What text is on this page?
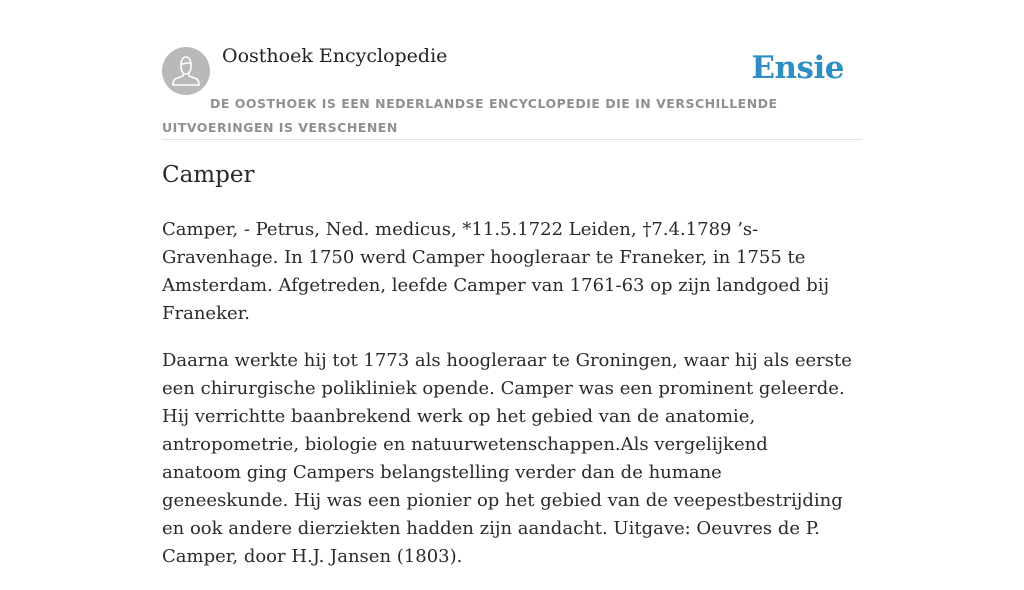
Oosthoek Encyclopedie	Ensie
DE OOSTHOEK IS EEN NEDERLANDSE ENCYCLOPEDIE DIE IN VERSCHILLENDE UITVOERINGEN IS VERSCHENEN
Camper

Camper, - Petrus, Ned. medicus, *11.5.1722 Leiden, †7.4.1789 ’s-Gravenhage. In 1750 werd Camper hoogleraar te Franeker, in 1755 te Amsterdam. Afgetreden, leefde Camper van 1761-63 op zijn landgoed bij Franeker.

Daarna werkte hij tot 1773 als hoogleraar te Groningen, waar hij als eerste een chirurgische polikliniek opende. Camper was een prominent geleerde. Hij verrichtte baanbrekend werk op het gebied van de anatomie, antropometrie, biologie en natuurwetenschappen.Als vergelijkend anatoom ging Campers belangstelling verder dan de humane geneeskunde. Hij was een pionier op het gebied van de veepestbestrijding en ook andere dierziekten hadden zijn aandacht. Uitgave: Oeuvres de P. Camper, door H.J. Jansen (1803).
